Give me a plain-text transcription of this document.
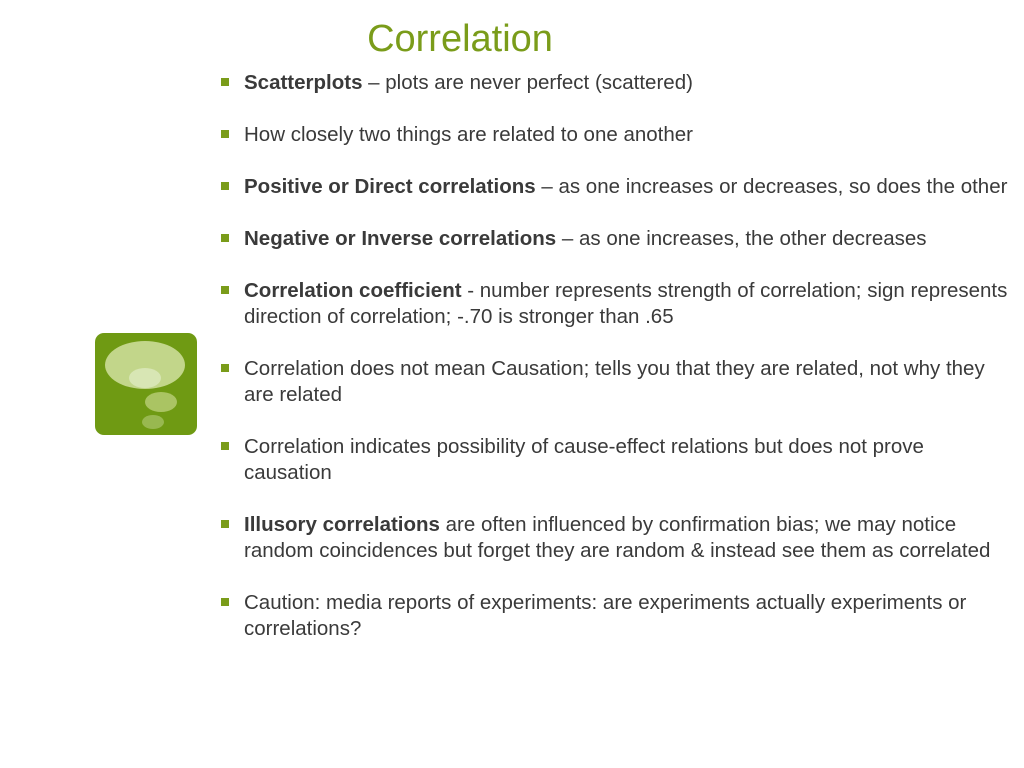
Correlation
Scatterplots – plots are never perfect (scattered)
How closely two things are related to one another
Positive or Direct correlations – as one increases or decreases, so does the other
Negative or Inverse correlations – as one increases, the other decreases
Correlation coefficient - number represents strength of correlation; sign represents direction of correlation; -.70 is stronger than .65
Correlation does not mean Causation; tells you that they are related, not why they are related
Correlation indicates possibility of cause-effect relations but does not prove causation
Illusory correlations are often influenced by confirmation bias; we may notice random coincidences but forget they are random & instead see them as correlated
Caution: media reports of experiments: are experiments actually experiments or correlations?
